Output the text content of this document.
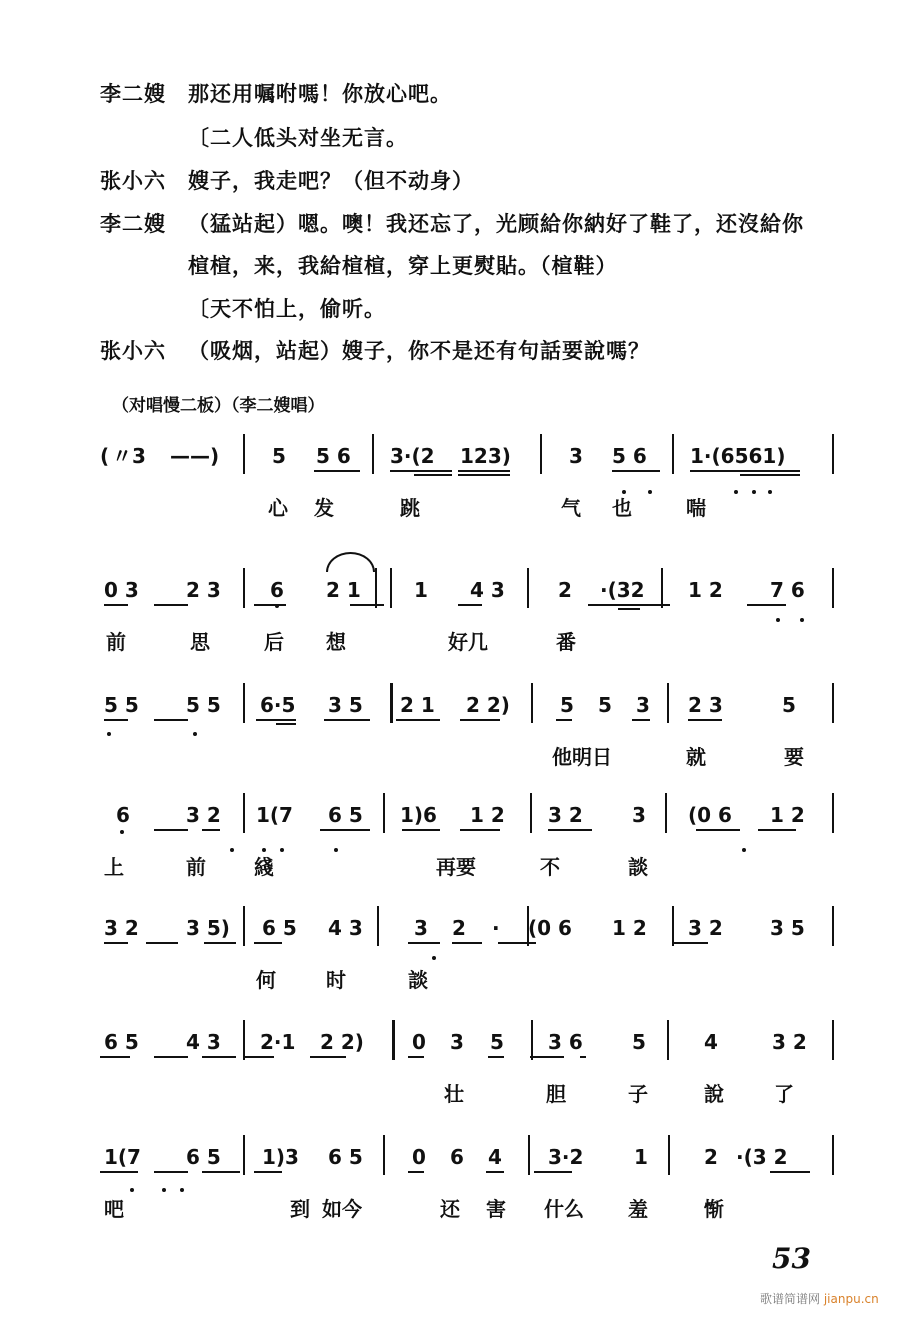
李二嫂 那还用嘱咐嗎！你放心吧。
〔二人低头对坐无言。
张小六 嫂子，我走吧？（但不动身）
李二嫂 （猛站起）嗯。噢！我还忘了，光顾給你納好了鞋了，还沒給你
楦楦，来，我給楦楦，穿上更熨貼。（楦鞋）
〔天不怕上，偷听。
张小六 （吸烟，站起）嫂子，你不是还有句話要說嗎？
( 〃3 ——)	5 5 6 3·(2 123)	3 5 6 1·(6561)
心 发	跳	气 也	喘
0 3 2 3 6 2 1	1 4 3	2 ·(32 1 2 7 6
前	思	后 想	好几	番
5 5 5 5 6·5 3 5 2 1 2 2)	5 5 3 2 3	5
他明日	就	要
6	3 2 1(7 6 5 1)6 1 2 3 2 3 (0 6 1 2
上	前 綫	再要	不	談
3 2 3 5) 6 5 4 3	3 2 · (0 6 1 2 3 2 3 5
何	时	談
6 5 4 3 2·1 2 2) 0 3 5 3 6 5	4	3 2
壮	胆	子	說	了
1(7 6 5 1)3 6 5 0 6 4 3·2	1	2 ·(3 2
吧	到 如今	还 害 什么 羞	惭
53
歌谱简谱网 jianpu.cn
（对唱慢二板）（李二嫂唱）
